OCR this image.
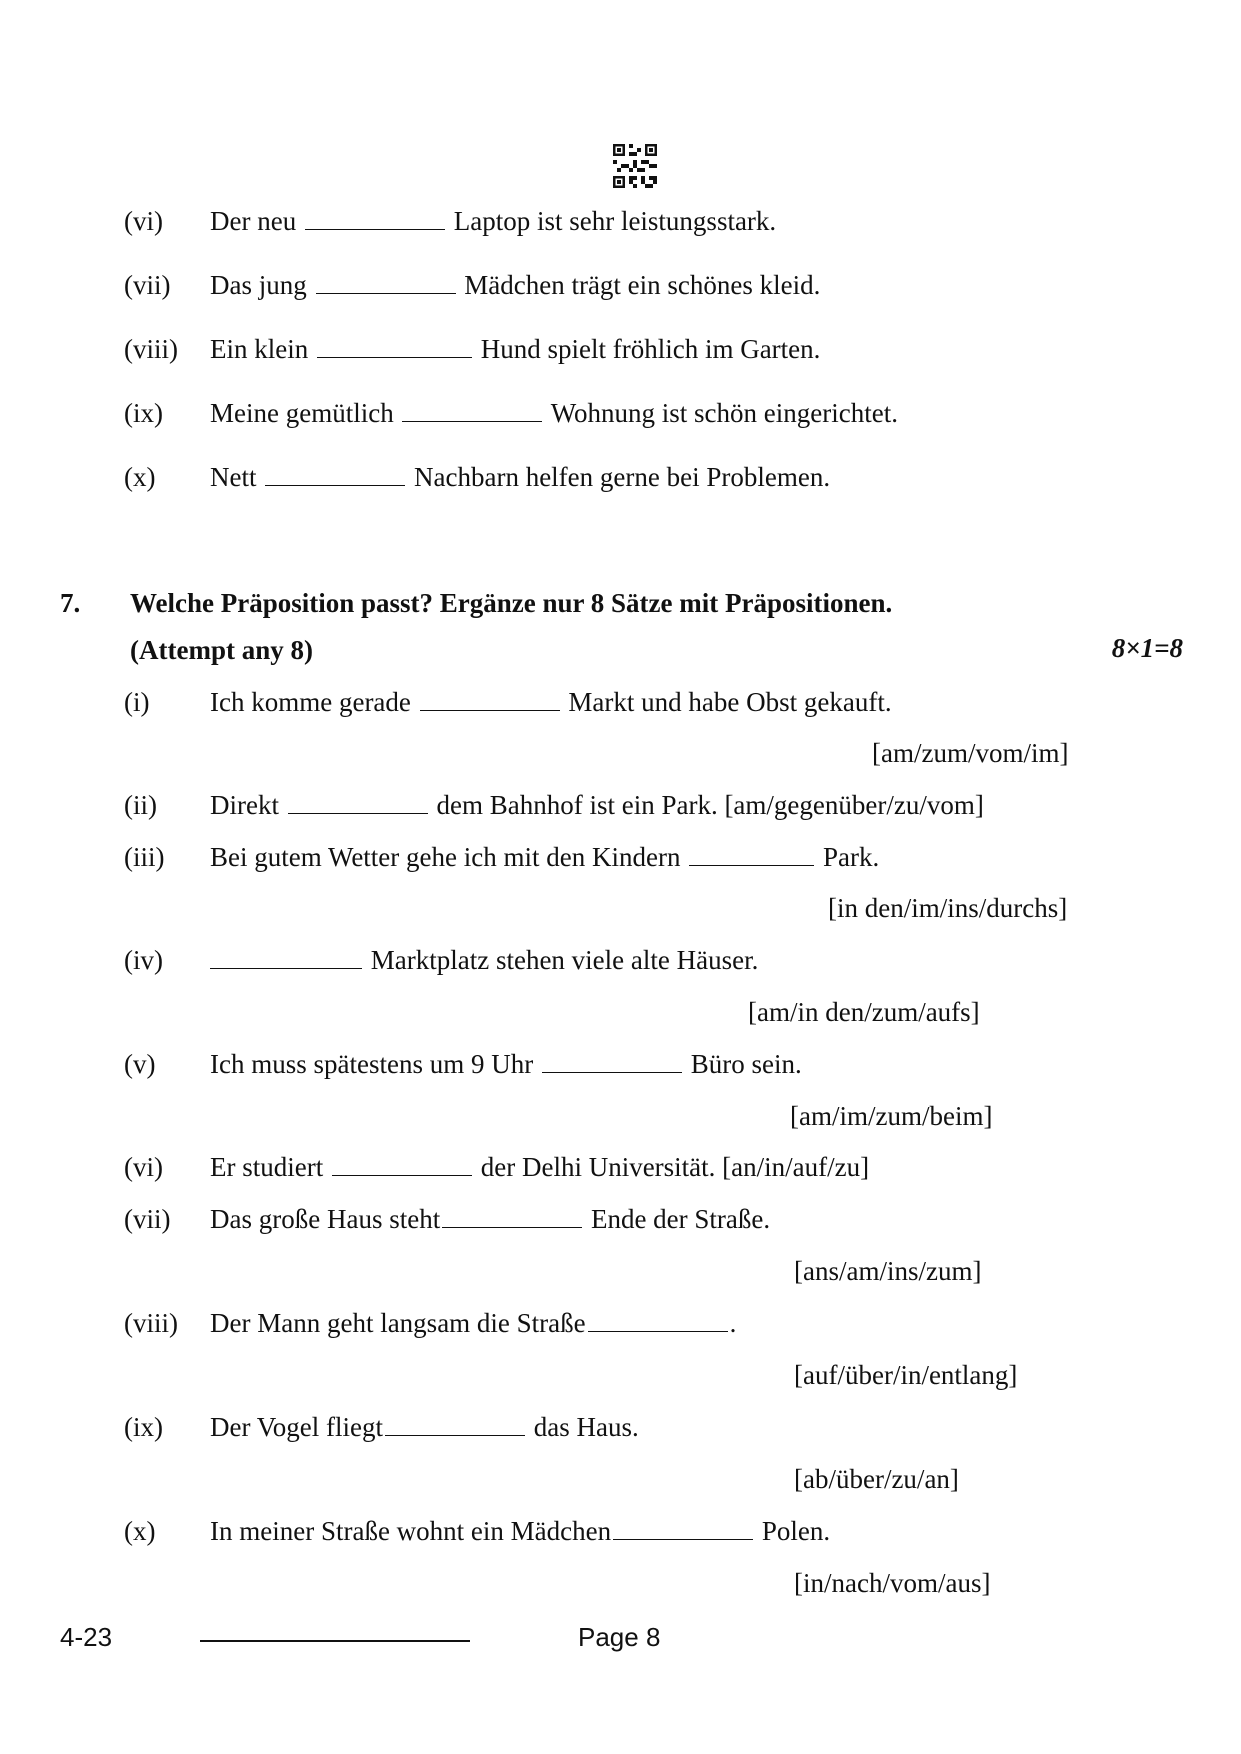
(vi) Der neu	Laptop ist sehr leistungsstark.
(vii) Das jung	Mädchen trägt ein schönes kleid.
(viii) Ein klein	Hund spielt fröhlich im Garten.
(ix) Meine gemütlich	Wohnung ist schön eingerichtet.
(x) Nett	Nachbarn helfen gerne bei Problemen.
7. Welche Präposition passt? Ergänze nur 8 Sätze mit Präpositionen.
(Attempt any 8)	8×1=8
(i) Ich komme gerade	Markt und habe Obst gekauft.
[am/zum/vom/im]
(ii) Direkt	dem Bahnhof ist ein Park. [am/gegenüber/zu/vom]
(iii) Bei gutem Wetter gehe ich mit den Kindern	Park.
[in den/im/ins/durchs]
(iv)	Marktplatz stehen viele alte Häuser.
[am/in den/zum/aufs]
(v) Ich muss spätestens um 9 Uhr	Büro sein.
[am/im/zum/beim]
(vi) Er studiert	der Delhi Universität. [an/in/auf/zu]
(vii) Das große Haus steht	Ende der Straße.
[ans/am/ins/zum]
(viii) Der Mann geht langsam die Straße	.
[auf/über/in/entlang]
(ix) Der Vogel fliegt	das Haus.
[ab/über/zu/an]
(x) In meiner Straße wohnt ein Mädchen	Polen.
[in/nach/vom/aus]
4-23	Page 8
